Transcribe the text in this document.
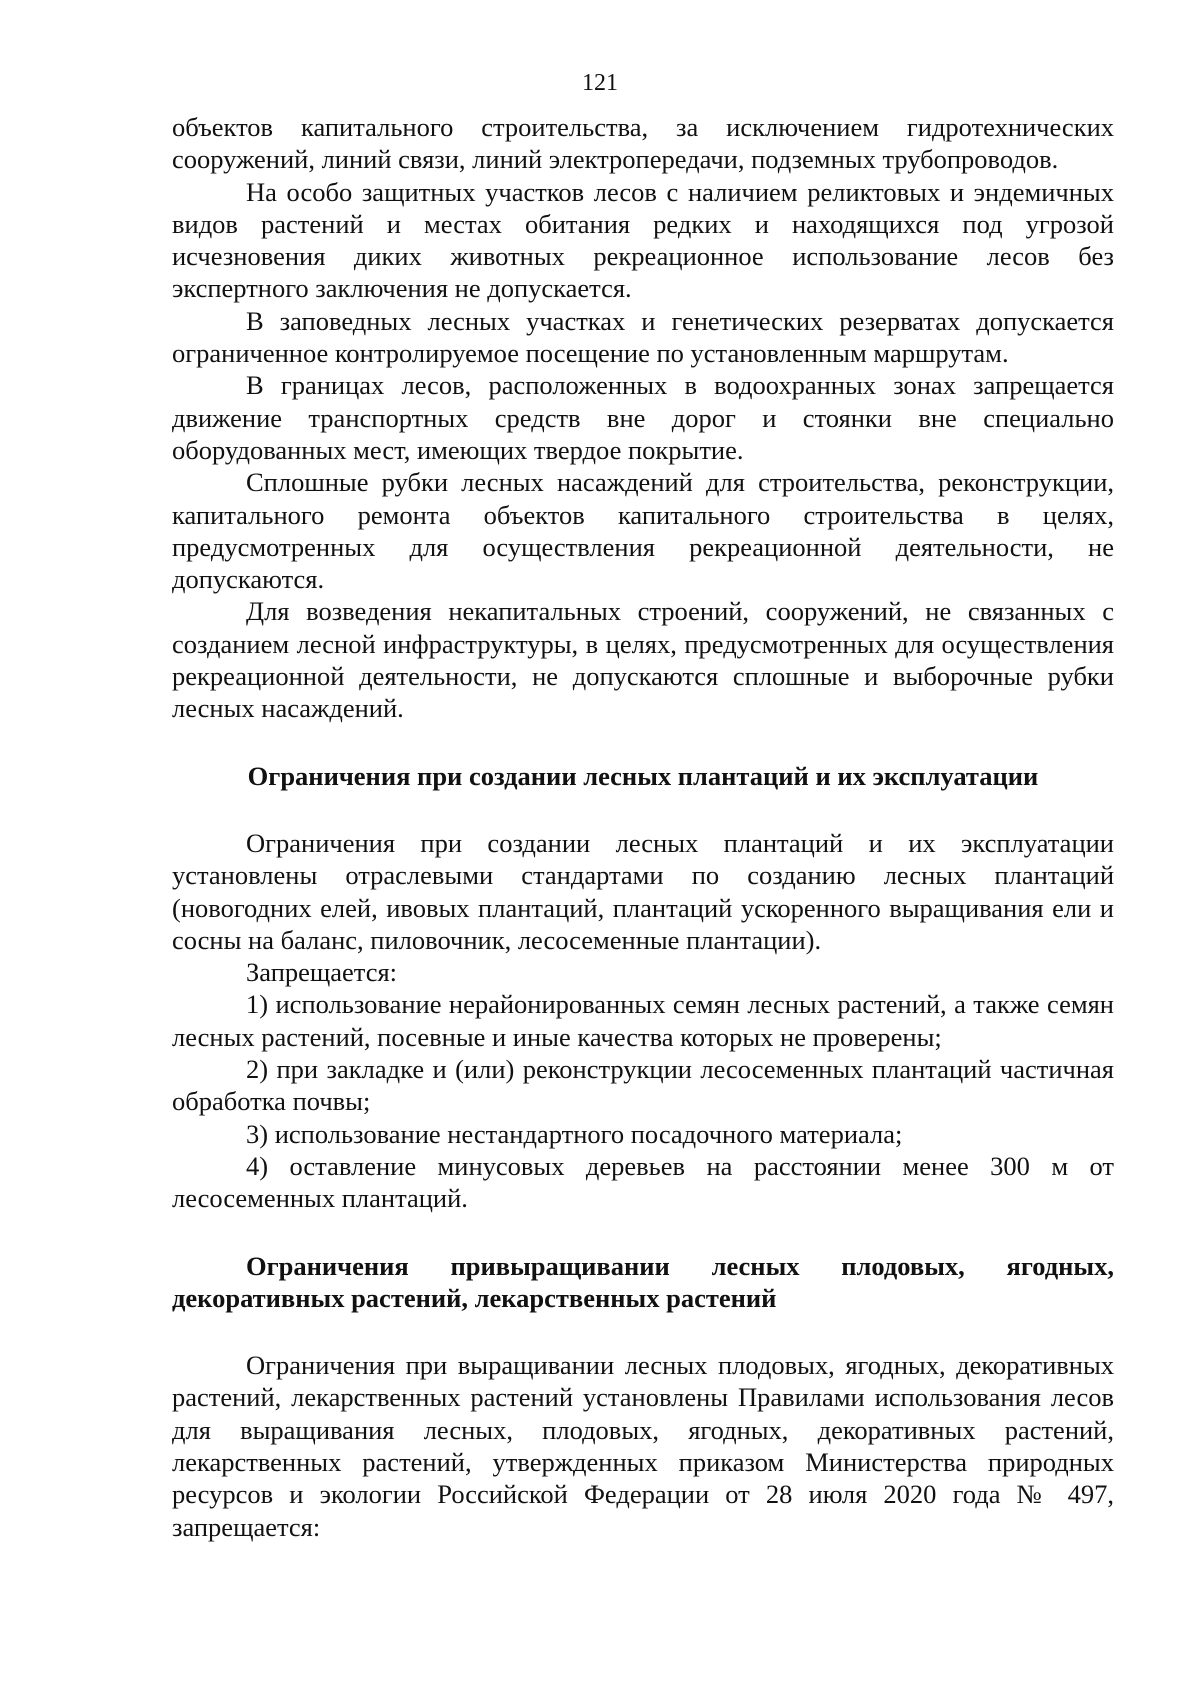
121

объектов капитального строительства, за исключением гидротехнических сооружений, линий связи, линий электропередачи, подземных трубопроводов.

На особо защитных участков лесов с наличием реликтовых и эндемичных видов растений и местах обитания редких и находящихся под угрозой исчезновения диких животных рекреационное использование лесов без экспертного заключения не допускается.

В заповедных лесных участках и генетических резерватах допускается ограниченное контролируемое посещение по установленным маршрутам.

В границах лесов, расположенных в водоохранных зонах запрещается движение транспортных средств вне дорог и стоянки вне специально оборудованных мест, имеющих твердое покрытие.

Сплошные рубки лесных насаждений для строительства, реконструкции, капитального ремонта объектов капитального строительства в целях, предусмотренных для осуществления рекреационной деятельности, не допускаются.

Для возведения некапитальных строений, сооружений, не связанных с созданием лесной инфраструктуры, в целях, предусмотренных для осуществления рекреационной деятельности, не допускаются сплошные и выборочные рубки лесных насаждений.

Ограничения при создании лесных плантаций и их эксплуатации

Ограничения при создании лесных плантаций и их эксплуатации установлены отраслевыми стандартами по созданию лесных плантаций (новогодних елей, ивовых плантаций, плантаций ускоренного выращивания ели и сосны на баланс, пиловочник, лесосеменные плантации).

Запрещается:

1) использование нерайонированных семян лесных растений, а также семян лесных растений, посевные и иные качества которых не проверены;

2) при закладке и (или) реконструкции лесосеменных плантаций частичная обработка почвы;

3) использование нестандартного посадочного материала;

4) оставление минусовых деревьев на расстоянии менее 300 м от лесосеменных плантаций.

Ограничения привыращивании лесных плодовых, ягодных, декоративных растений, лекарственных растений

Ограничения при выращивании лесных плодовых, ягодных, декоративных растений, лекарственных растений установлены Правилами использования лесов для выращивания лесных, плодовых, ягодных, декоративных растений, лекарственных растений, утвержденных приказом Министерства природных ресурсов и экологии Российской Федерации от 28 июля 2020 года № 497, запрещается:
